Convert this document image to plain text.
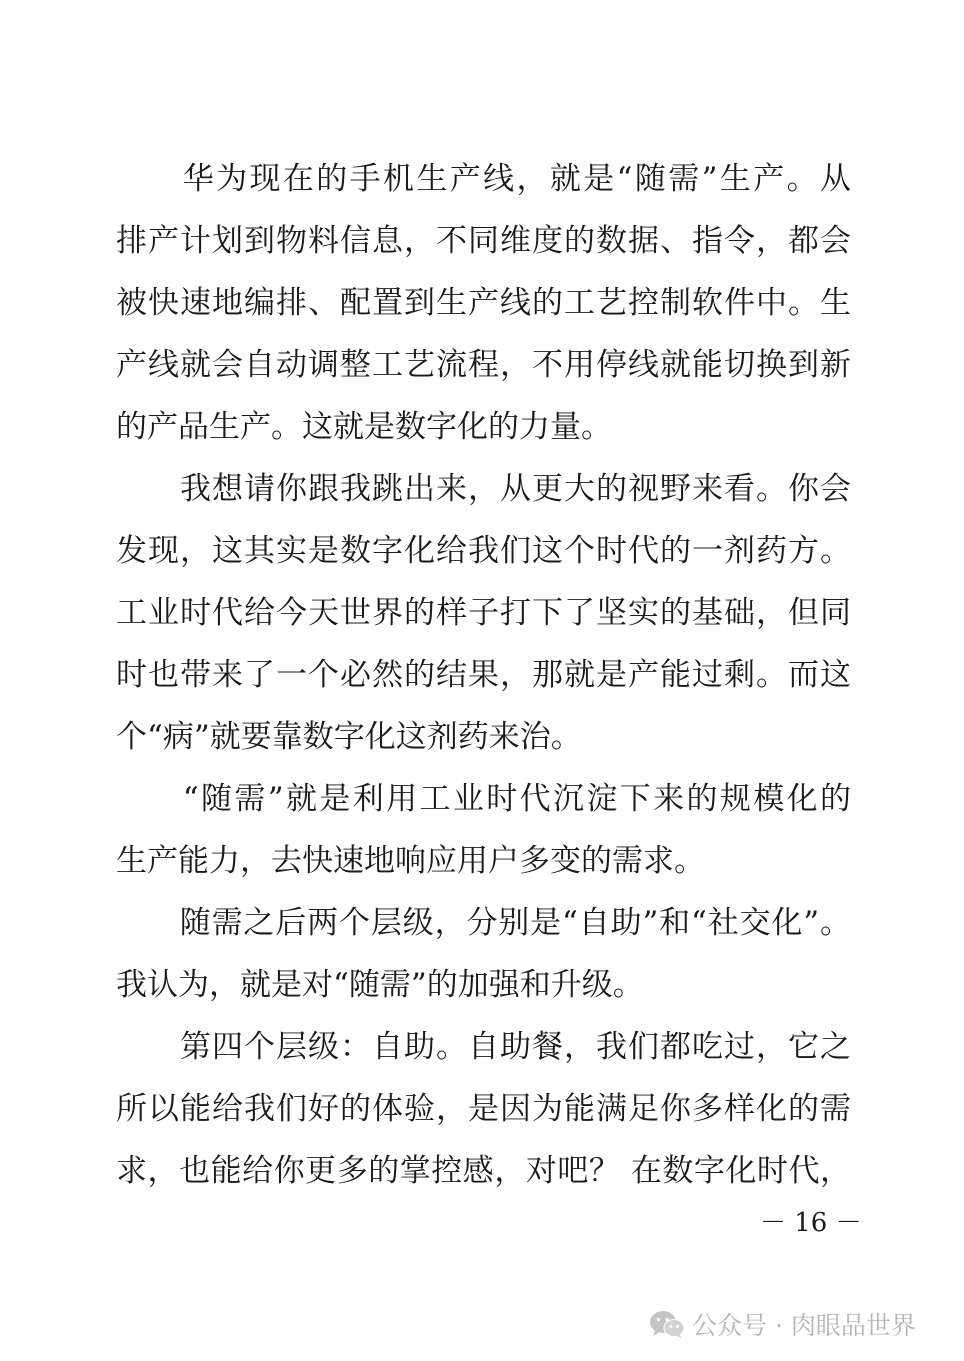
　　华为现在的手机生产线，就是“随需”生产。从
排产计划到物料信息，不同维度的数据、指令，都会
被快速地编排、配置到生产线的工艺控制软件中。生
产线就会自动调整工艺流程，不用停线就能切换到新
的产品生产。这就是数字化的力量。
　　我想请你跟我跳出来，从更大的视野来看。你会
发现，这其实是数字化给我们这个时代的一剂药方。
工业时代给今天世界的样子打下了坚实的基础，但同
时也带来了一个必然的结果，那就是产能过剩。而这
个“病”就要靠数字化这剂药来治。
　　“随需”就是利用工业时代沉淀下来的规模化的
生产能力，去快速地响应用户多变的需求。
　　随需之后两个层级，分别是“自助”和“社交化”。
我认为，就是对“随需”的加强和升级。
　　第四个层级：自助。自助餐，我们都吃过，它之
所以能给我们好的体验，是因为能满足你多样化的需
求，也能给你更多的掌控感，对吧？ 在数字化时代，
－ 16 －
公众号 · 肉眼品世界
